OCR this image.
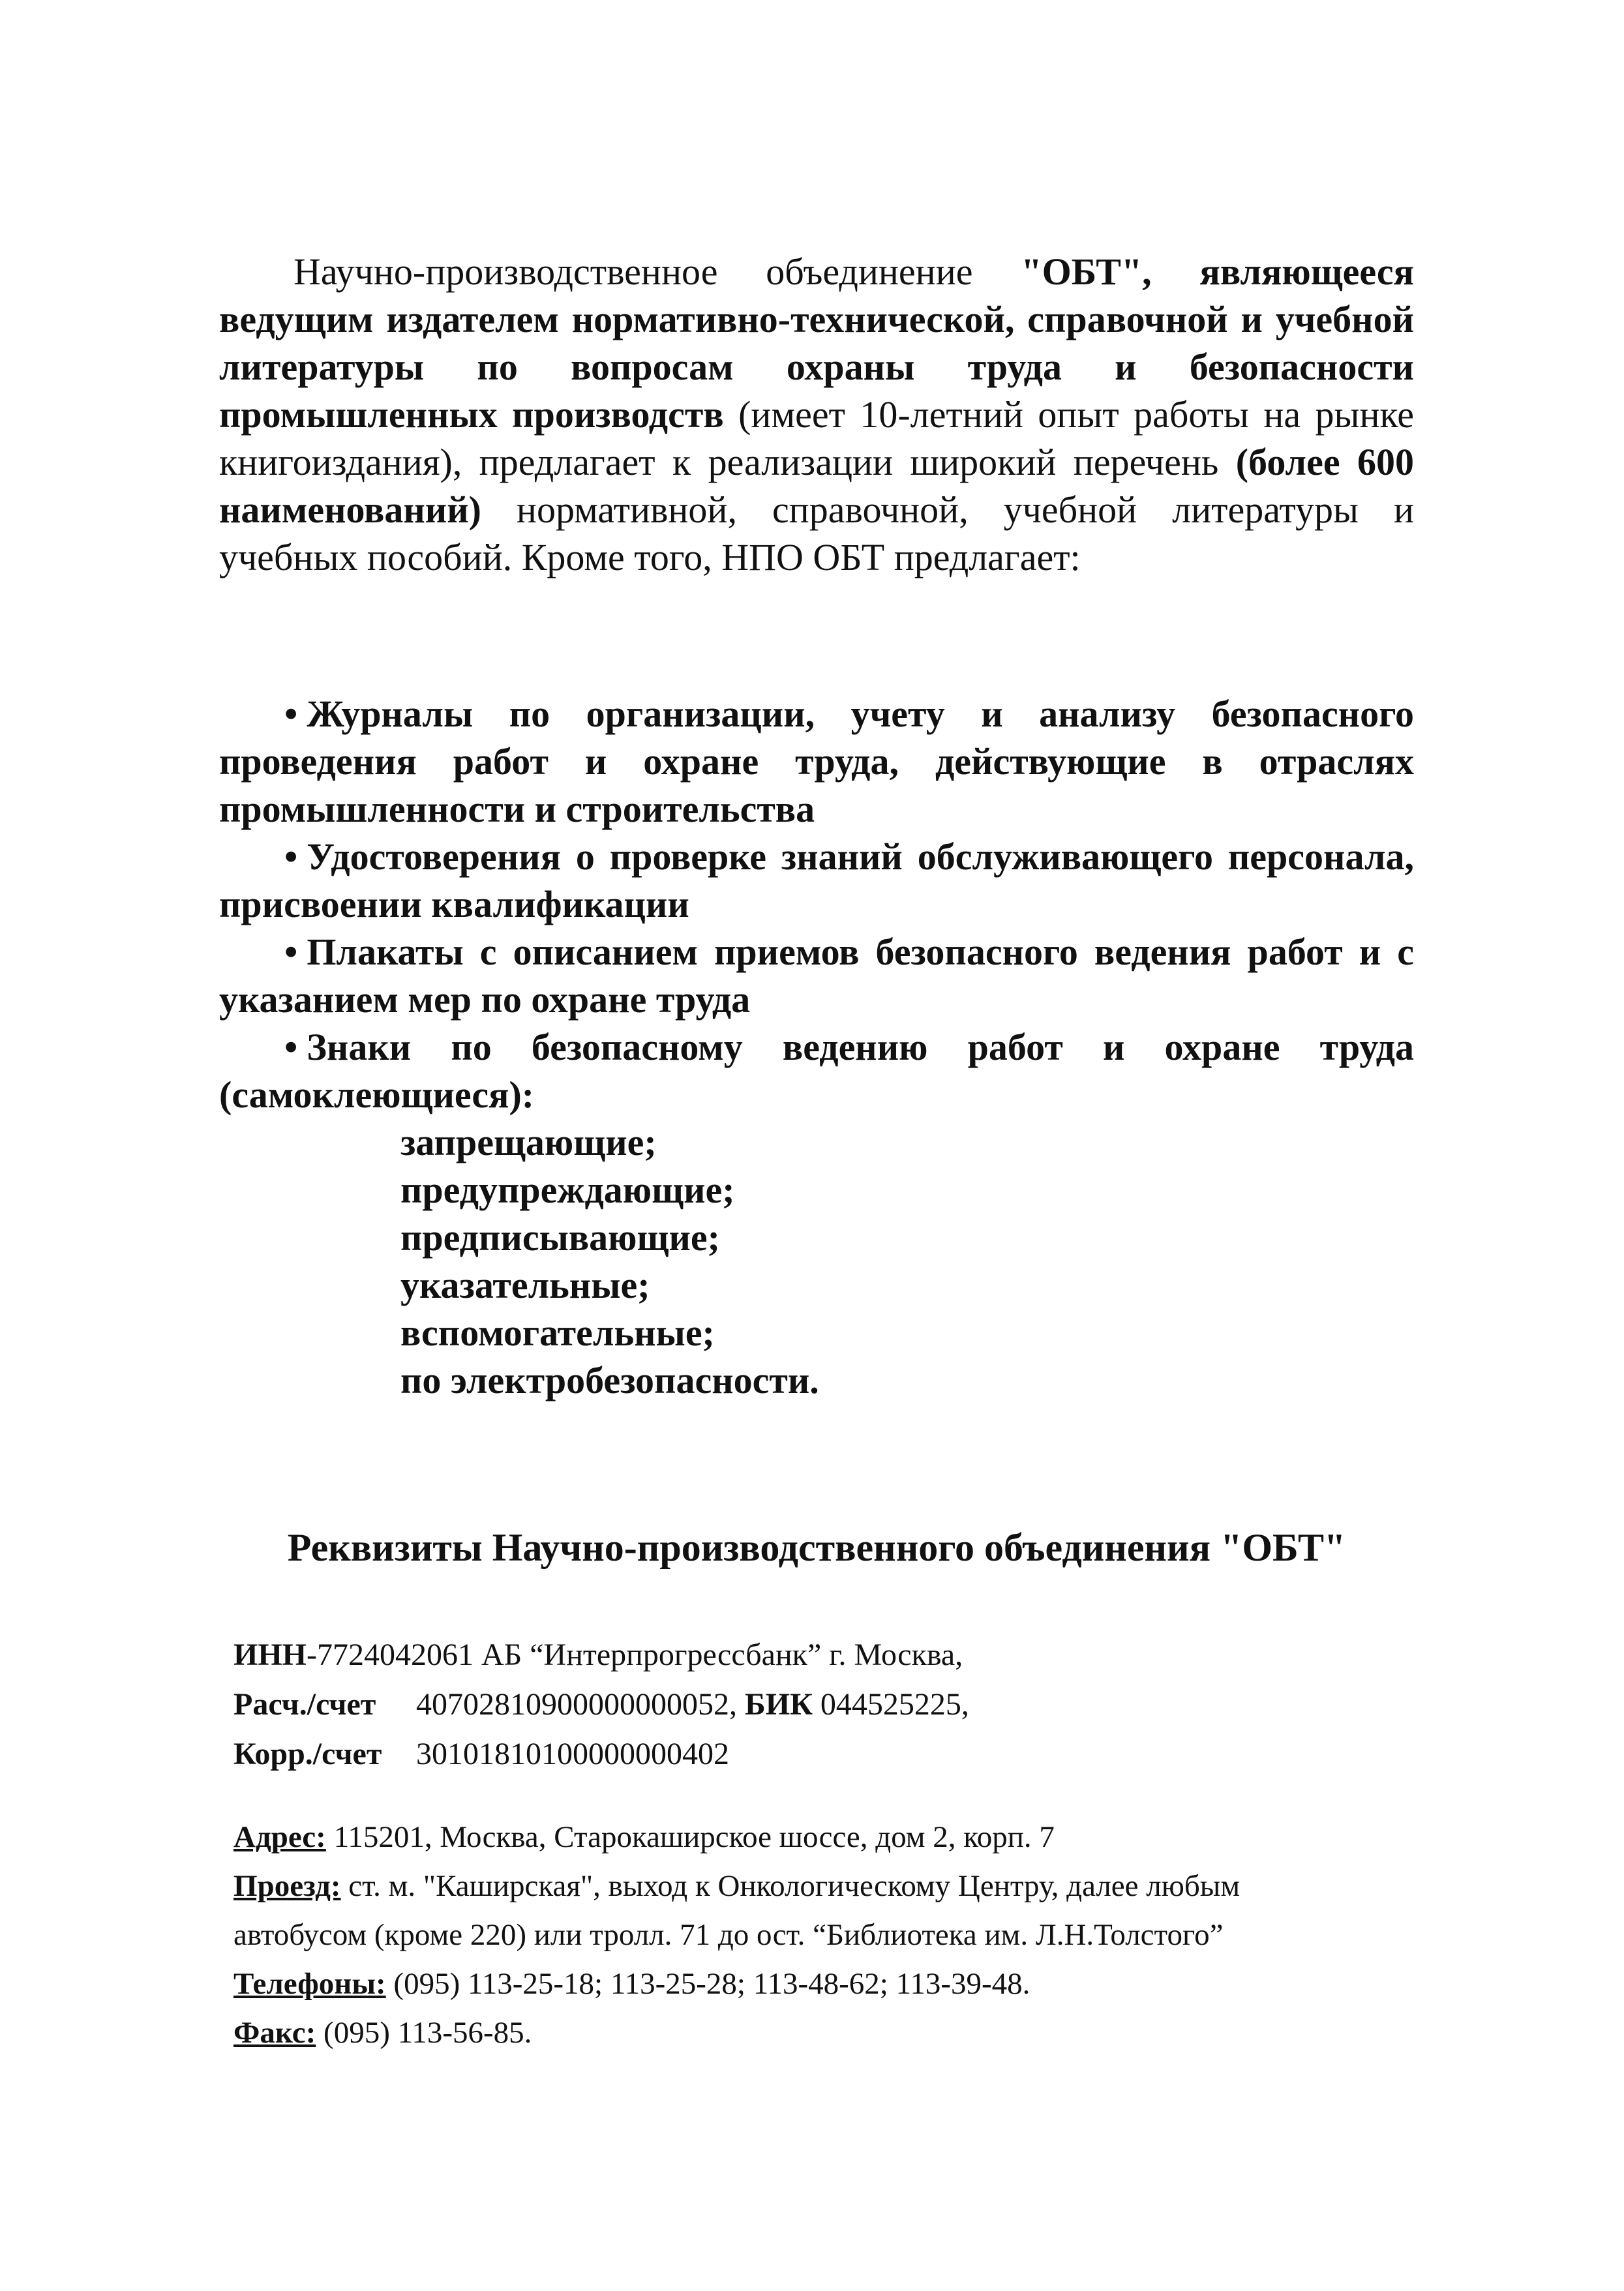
Научно-производственное объединение "ОБТ", являющееся ведущим издателем нормативно-технической, справочной и учебной литературы по вопросам охраны труда и безопасности промышленных производств (имеет 10-летний опыт работы на рынке книгоиздания), предлагает к реализации широкий перечень (более 600 наименований) нормативной, справочной, учебной литературы и учебных пособий. Кроме того, НПО ОБТ предлагает:

• Журналы по организации, учету и анализу безопасного проведения работ и охране труда, действующие в отраслях промышленности и строительства
• Удостоверения о проверке знаний обслуживающего персонала, присвоении квалификации
• Плакаты с описанием приемов безопасного ведения работ и с указанием мер по охране труда
• Знаки по безопасному ведению работ и охране труда (самоклеющиеся):
запрещающие;
предупреждающие;
предписывающие;
указательные;
вспомогательные;
по электробезопасности.
Реквизиты Научно-производственного объединения "ОБТ"
ИНН-7724042061 АБ “Интерпрогрессбанк” г. Москва,
Расч./счет 40702810900000000052, БИК 044525225,
Корр./счет 30101810100000000402
Адрес: 115201, Москва, Старокаширское шоссе, дом 2, корп. 7
Проезд: ст. м. "Каширская", выход к Онкологическому Центру, далее любым
автобусом (кроме 220) или тролл. 71 до ост. “Библиотека им. Л.Н.Толстого”
Телефоны: (095) 113-25-18; 113-25-28; 113-48-62; 113-39-48.
Факс: (095) 113-56-85.
